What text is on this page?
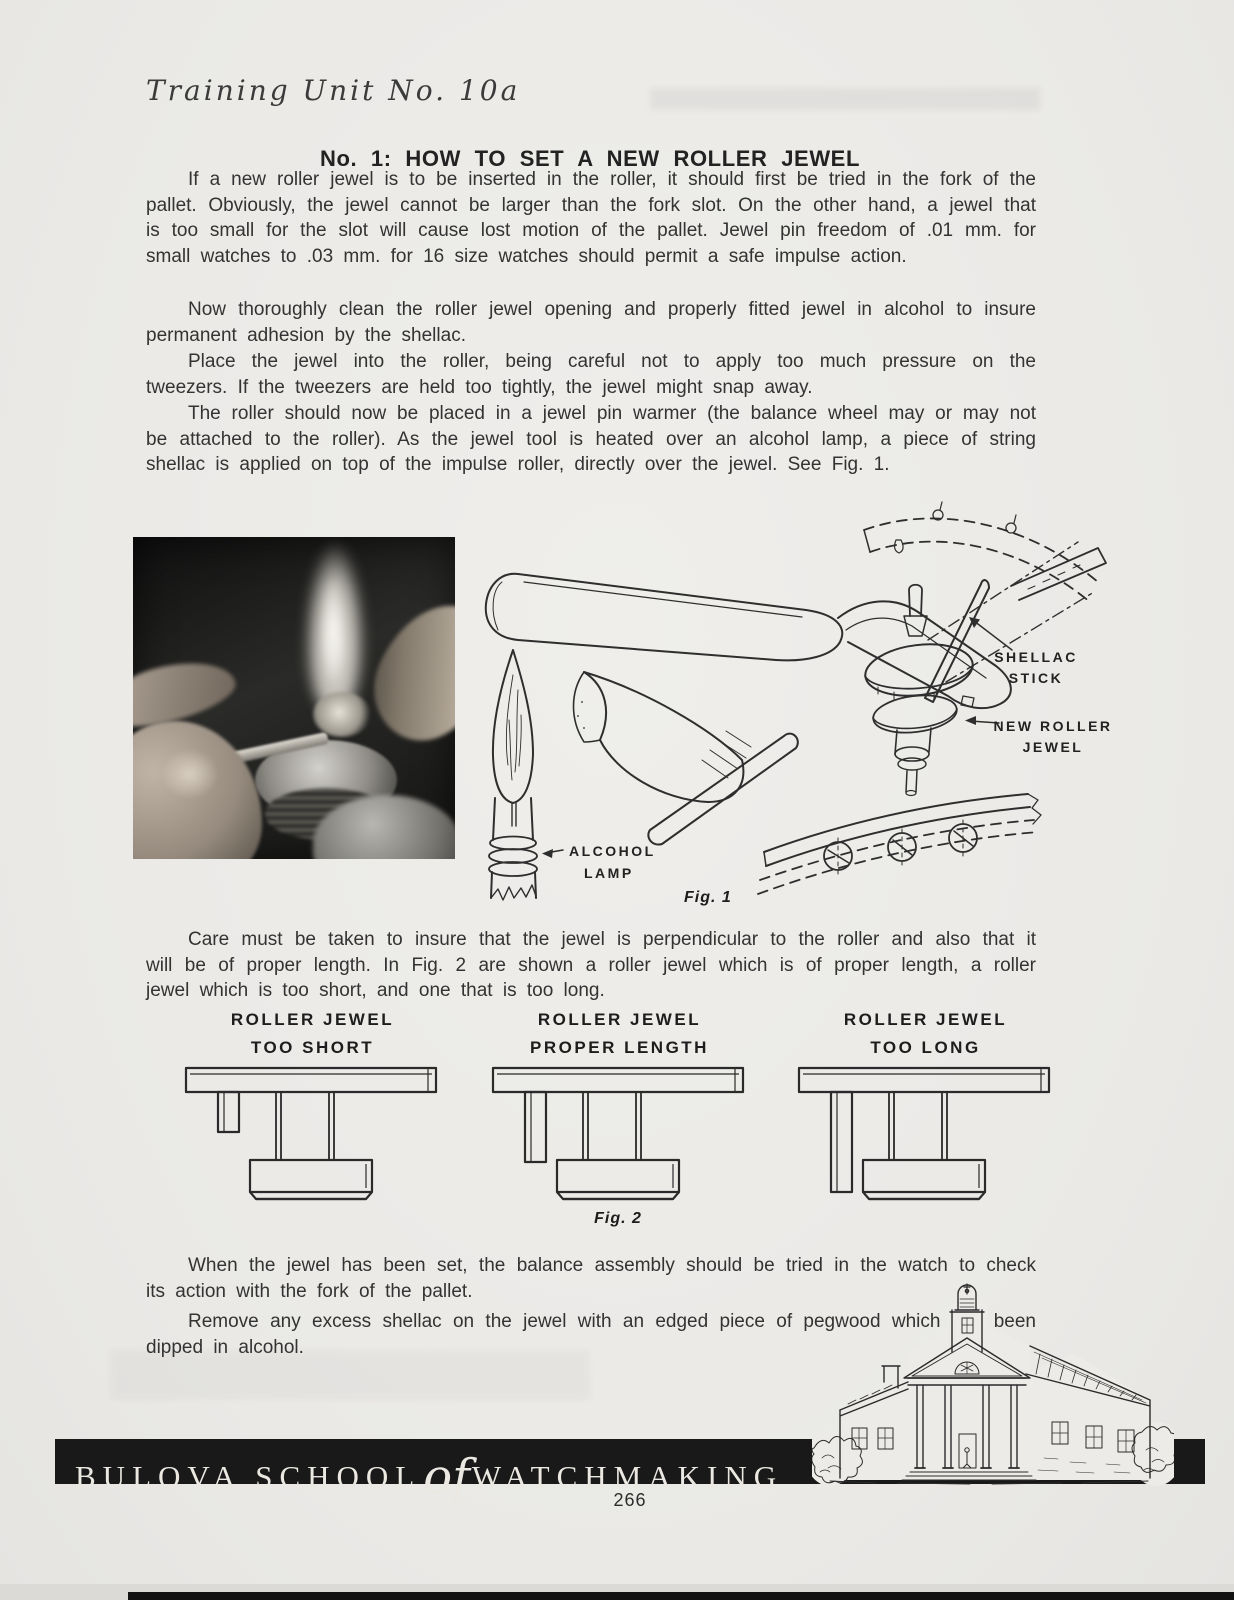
Training Unit No. 10a
No. 1: HOW TO SET A NEW ROLLER JEWEL

If a new roller jewel is to be inserted in the roller, it should first be tried in the fork of the pallet. Obviously, the jewel cannot be larger than the fork slot. On the other hand, a jewel that is too small for the slot will cause lost motion of the pallet. Jewel pin freedom of .01 mm. for small watches to .03 mm. for 16 size watches should permit a safe impulse action.

Now thoroughly clean the roller jewel opening and properly fitted jewel in alcohol to insure permanent adhesion by the shellac.

Place the jewel into the roller, being careful not to apply too much pressure on the tweezers. If the tweezers are held too tightly, the jewel might snap away.

The roller should now be placed in a jewel pin warmer (the balance wheel may or may not be attached to the roller). As the jewel tool is heated over an alcohol lamp, a piece of string shellac is applied on top of the impulse roller, directly over the jewel. See Fig. 1.

ALCOHOL
LAMP
SHELLAC
STICK
NEW ROLLER
JEWEL
Fig. 1

Care must be taken to insure that the jewel is perpendicular to the roller and also that it will be of proper length. In Fig. 2 are shown a roller jewel which is of proper length, a roller jewel which is too short, and one that is too long.

ROLLER JEWEL
TOO SHORT
ROLLER JEWEL
PROPER LENGTH
ROLLER JEWEL
TOO LONG
Fig. 2

When the jewel has been set, the balance assembly should be tried in the watch to check its action with the fork of the pallet.

Remove any excess shellac on the jewel with an edged piece of pegwood which has been dipped in alcohol.

BULOVA SCHOOLofWATCHMAKING
266
